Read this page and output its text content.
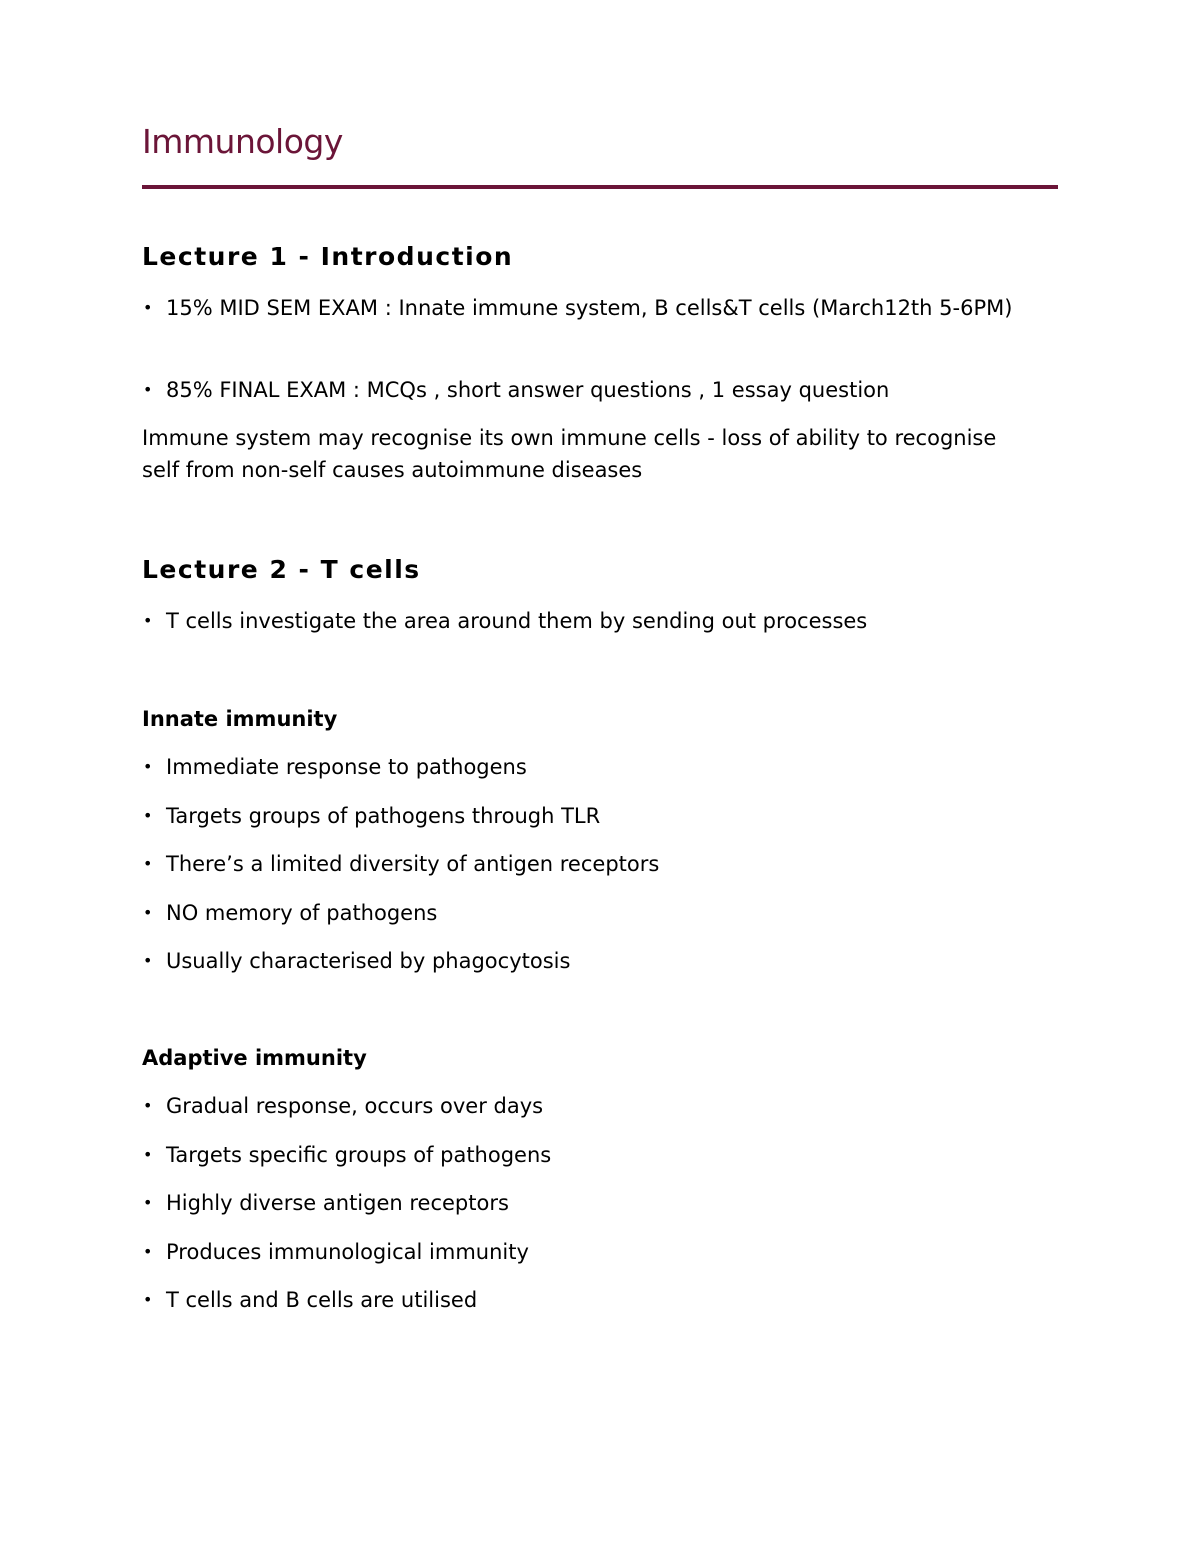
Immunology
Lecture 1 - Introduction
• 15% MID SEM EXAM : Innate immune system, B cells&T cells (March12th 5-6PM)
• 85% FINAL EXAM : MCQs , short answer questions , 1 essay question

Immune system may recognise its own immune cells - loss of ability to recognise self from non-self causes autoimmune diseases

Lecture 2 - T cells
• T cells investigate the area around them by sending out processes
Innate immunity
• Immediate response to pathogens
• Targets groups of pathogens through TLR
• There’s a limited diversity of antigen receptors
• NO memory of pathogens
• Usually characterised by phagocytosis
Adaptive immunity
• Gradual response, occurs over days
• Targets specific groups of pathogens
• Highly diverse antigen receptors
• Produces immunological immunity
• T cells and B cells are utilised
